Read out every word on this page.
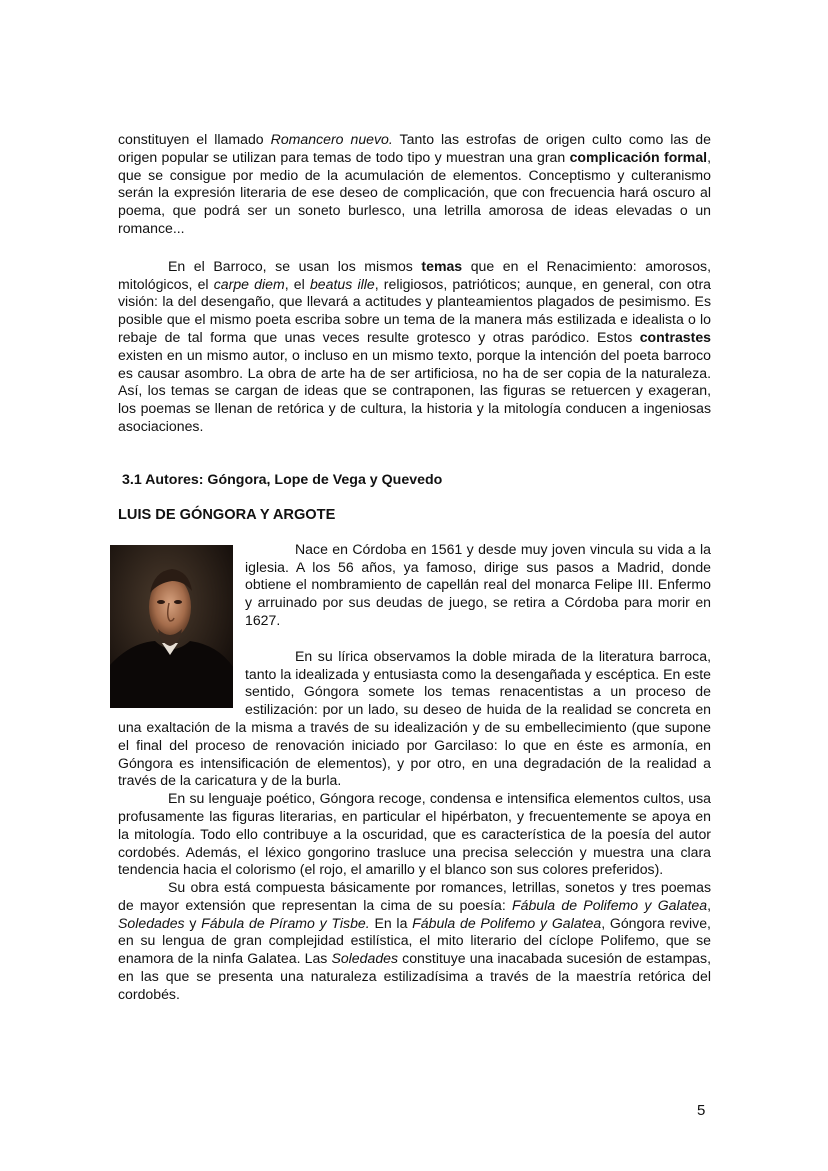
constituyen el llamado Romancero nuevo. Tanto las estrofas de origen culto como las de origen popular se utilizan para temas de todo tipo y muestran una gran complicación formal, que se consigue por medio de la acumulación de elementos. Conceptismo y culteranismo serán la expresión literaria de ese deseo de complicación, que con frecuencia hará oscuro al poema, que podrá ser un soneto burlesco, una letrilla amorosa de ideas elevadas o un romance...

En el Barroco, se usan los mismos temas que en el Renacimiento: amorosos, mitológicos, el carpe diem, el beatus ille, religiosos, patrióticos; aunque, en general, con otra visión: la del desengaño, que llevará a actitudes y planteamientos plagados de pesimismo. Es posible que el mismo poeta escriba sobre un tema de la manera más estilizada e idealista o lo rebaje de tal forma que unas veces resulte grotesco y otras paródico. Estos contrastes existen en un mismo autor, o incluso en un mismo texto, porque la intención del poeta barroco es causar asombro. La obra de arte ha de ser artificiosa, no ha de ser copia de la naturaleza. Así, los temas se cargan de ideas que se contraponen, las figuras se retuercen y exageran, los poemas se llenan de retórica y de cultura, la historia y la mitología conducen a ingeniosas asociaciones.

3.1 Autores: Góngora, Lope de Vega y Quevedo
LUIS DE GÓNGORA Y ARGOTE

Nace en Córdoba en 1561 y desde muy joven vincula su vida a la iglesia. A los 56 años, ya famoso, dirige sus pasos a Madrid, donde obtiene el nombramiento de capellán real del monarca Felipe III. Enfermo y arruinado por sus deudas de juego, se retira a Córdoba para morir en 1627.

En su lírica observamos la doble mirada de la literatura barroca, tanto la idealizada y entusiasta como la desengañada y escéptica. En este sentido, Góngora somete los temas renacentistas a un proceso de estilización: por un lado, su deseo de huida de la realidad se concreta en una exaltación de la misma a través de su idealización y de su embellecimiento (que supone el final del proceso de renovación iniciado por Garcilaso: lo que en éste es armonía, en Góngora es intensificación de elementos), y por otro, en una degradación de la realidad a través de la caricatura y de la burla.

En su lenguaje poético, Góngora recoge, condensa e intensifica elementos cultos, usa profusamente las figuras literarias, en particular el hipérbaton, y frecuentemente se apoya en la mitología. Todo ello contribuye a la oscuridad, que es característica de la poesía del autor cordobés. Además, el léxico gongorino trasluce una precisa selección y muestra una clara tendencia hacia el colorismo (el rojo, el amarillo y el blanco son sus colores preferidos).

Su obra está compuesta básicamente por romances, letrillas, sonetos y tres poemas de mayor extensión que representan la cima de su poesía: Fábula de Polifemo y Galatea, Soledades y Fábula de Píramo y Tisbe. En la Fábula de Polifemo y Galatea, Góngora revive, en su lengua de gran complejidad estilística, el mito literario del cíclope Polifemo, que se enamora de la ninfa Galatea. Las Soledades constituye una inacabada sucesión de estampas, en las que se presenta una naturaleza estilizadísima a través de la maestría retórica del cordobés.

5
